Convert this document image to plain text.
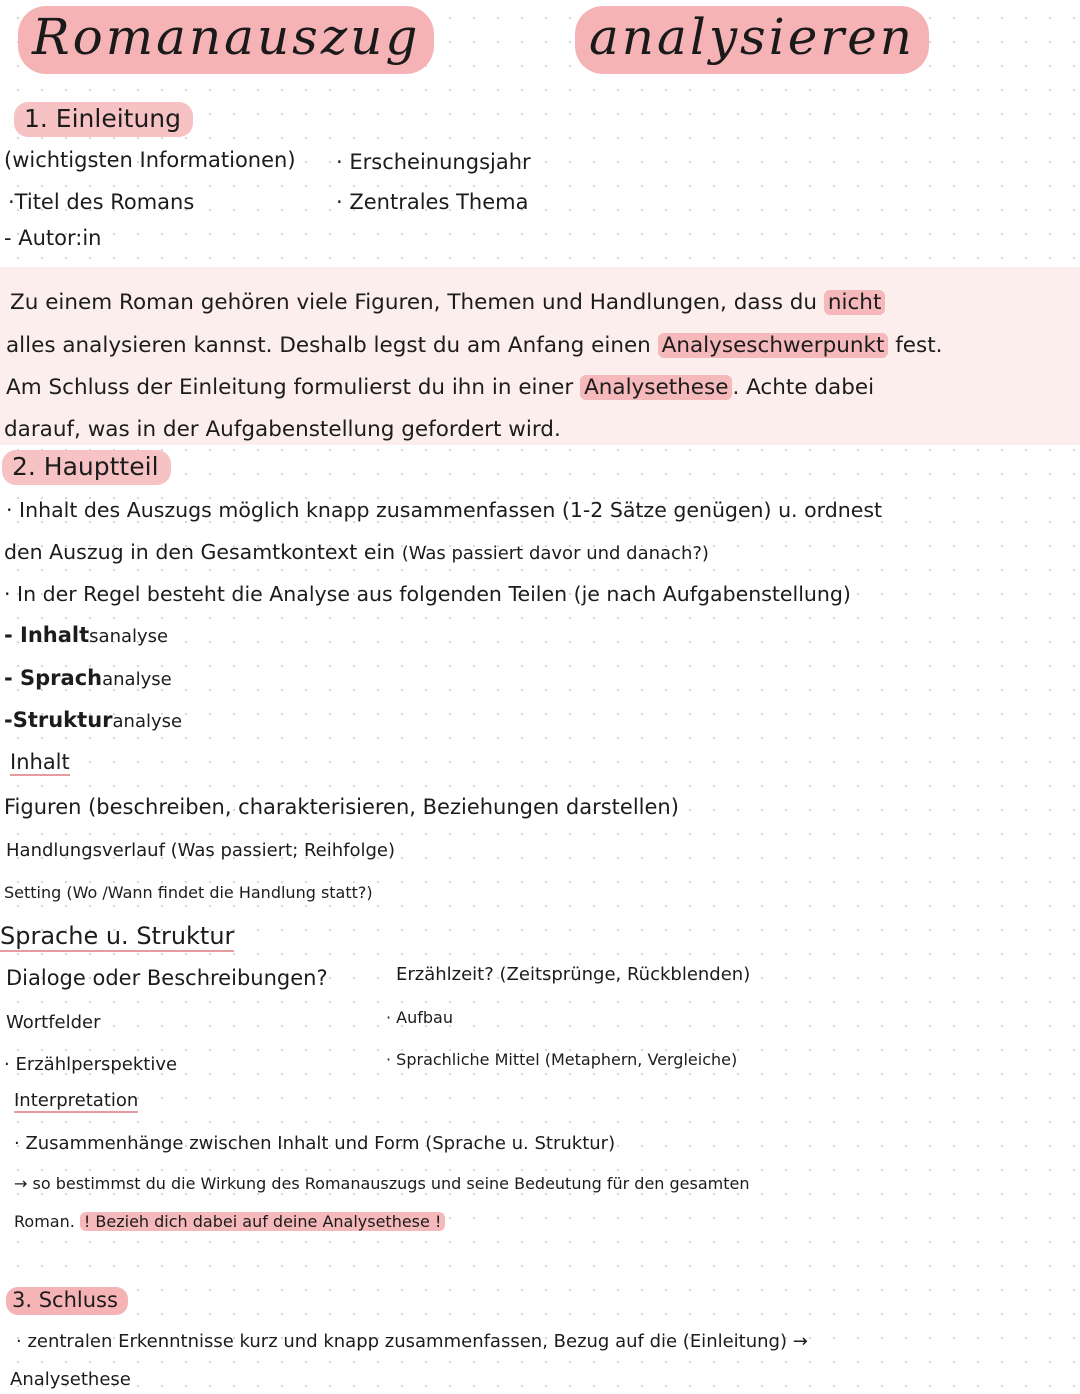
Romanauszug	analysieren
1. Einleitung
(wichtigsten Informationen)
·Titel des Romans
- Autor:in
· Erscheinungsjahr
· Zentrales Thema
Zu einem Roman gehören viele Figuren, Themen und Handlungen, dass du nicht
alles analysieren kannst. Deshalb legst du am Anfang einen Analyseschwerpunkt fest.
Am Schluss der Einleitung formulierst du ihn in einer Analysethese . Achte dabei
darauf, was in der Aufgabenstellung gefordert wird.
2. Hauptteil
· Inhalt des Auszugs möglich knapp zusammenfassen (1-2 Sätze genügen) u. ordnest
den Auszug in den Gesamtkontext ein (Was passiert davor und danach?)
· In der Regel besteht die Analyse aus folgenden Teilen (je nach Aufgabenstellung)
- Inhaltsanalyse
- Sprachanalyse
-Strukturanalyse
Inhalt
Figuren (beschreiben, charakterisieren, Beziehungen darstellen)
Handlungsverlauf (Was passiert; Reihfolge)
Setting (Wo /Wann findet die Handlung statt?)
Sprache u. Struktur
Dialoge oder Beschreibungen?
Wortfelder
· Erzählperspektive
Erzählzeit? (Zeitsprünge, Rückblenden)
· Aufbau
· Sprachliche Mittel (Metaphern, Vergleiche)
Interpretation
· Zusammenhänge zwischen Inhalt und Form (Sprache u. Struktur)
→ so bestimmst du die Wirkung des Romanauszugs und seine Bedeutung für den gesamten
Roman. ! Bezieh dich dabei auf deine Analysethese !
3. Schluss
· zentralen Erkenntnisse kurz und knapp zusammenfassen, Bezug auf die (Einleitung) →
Analysethese
